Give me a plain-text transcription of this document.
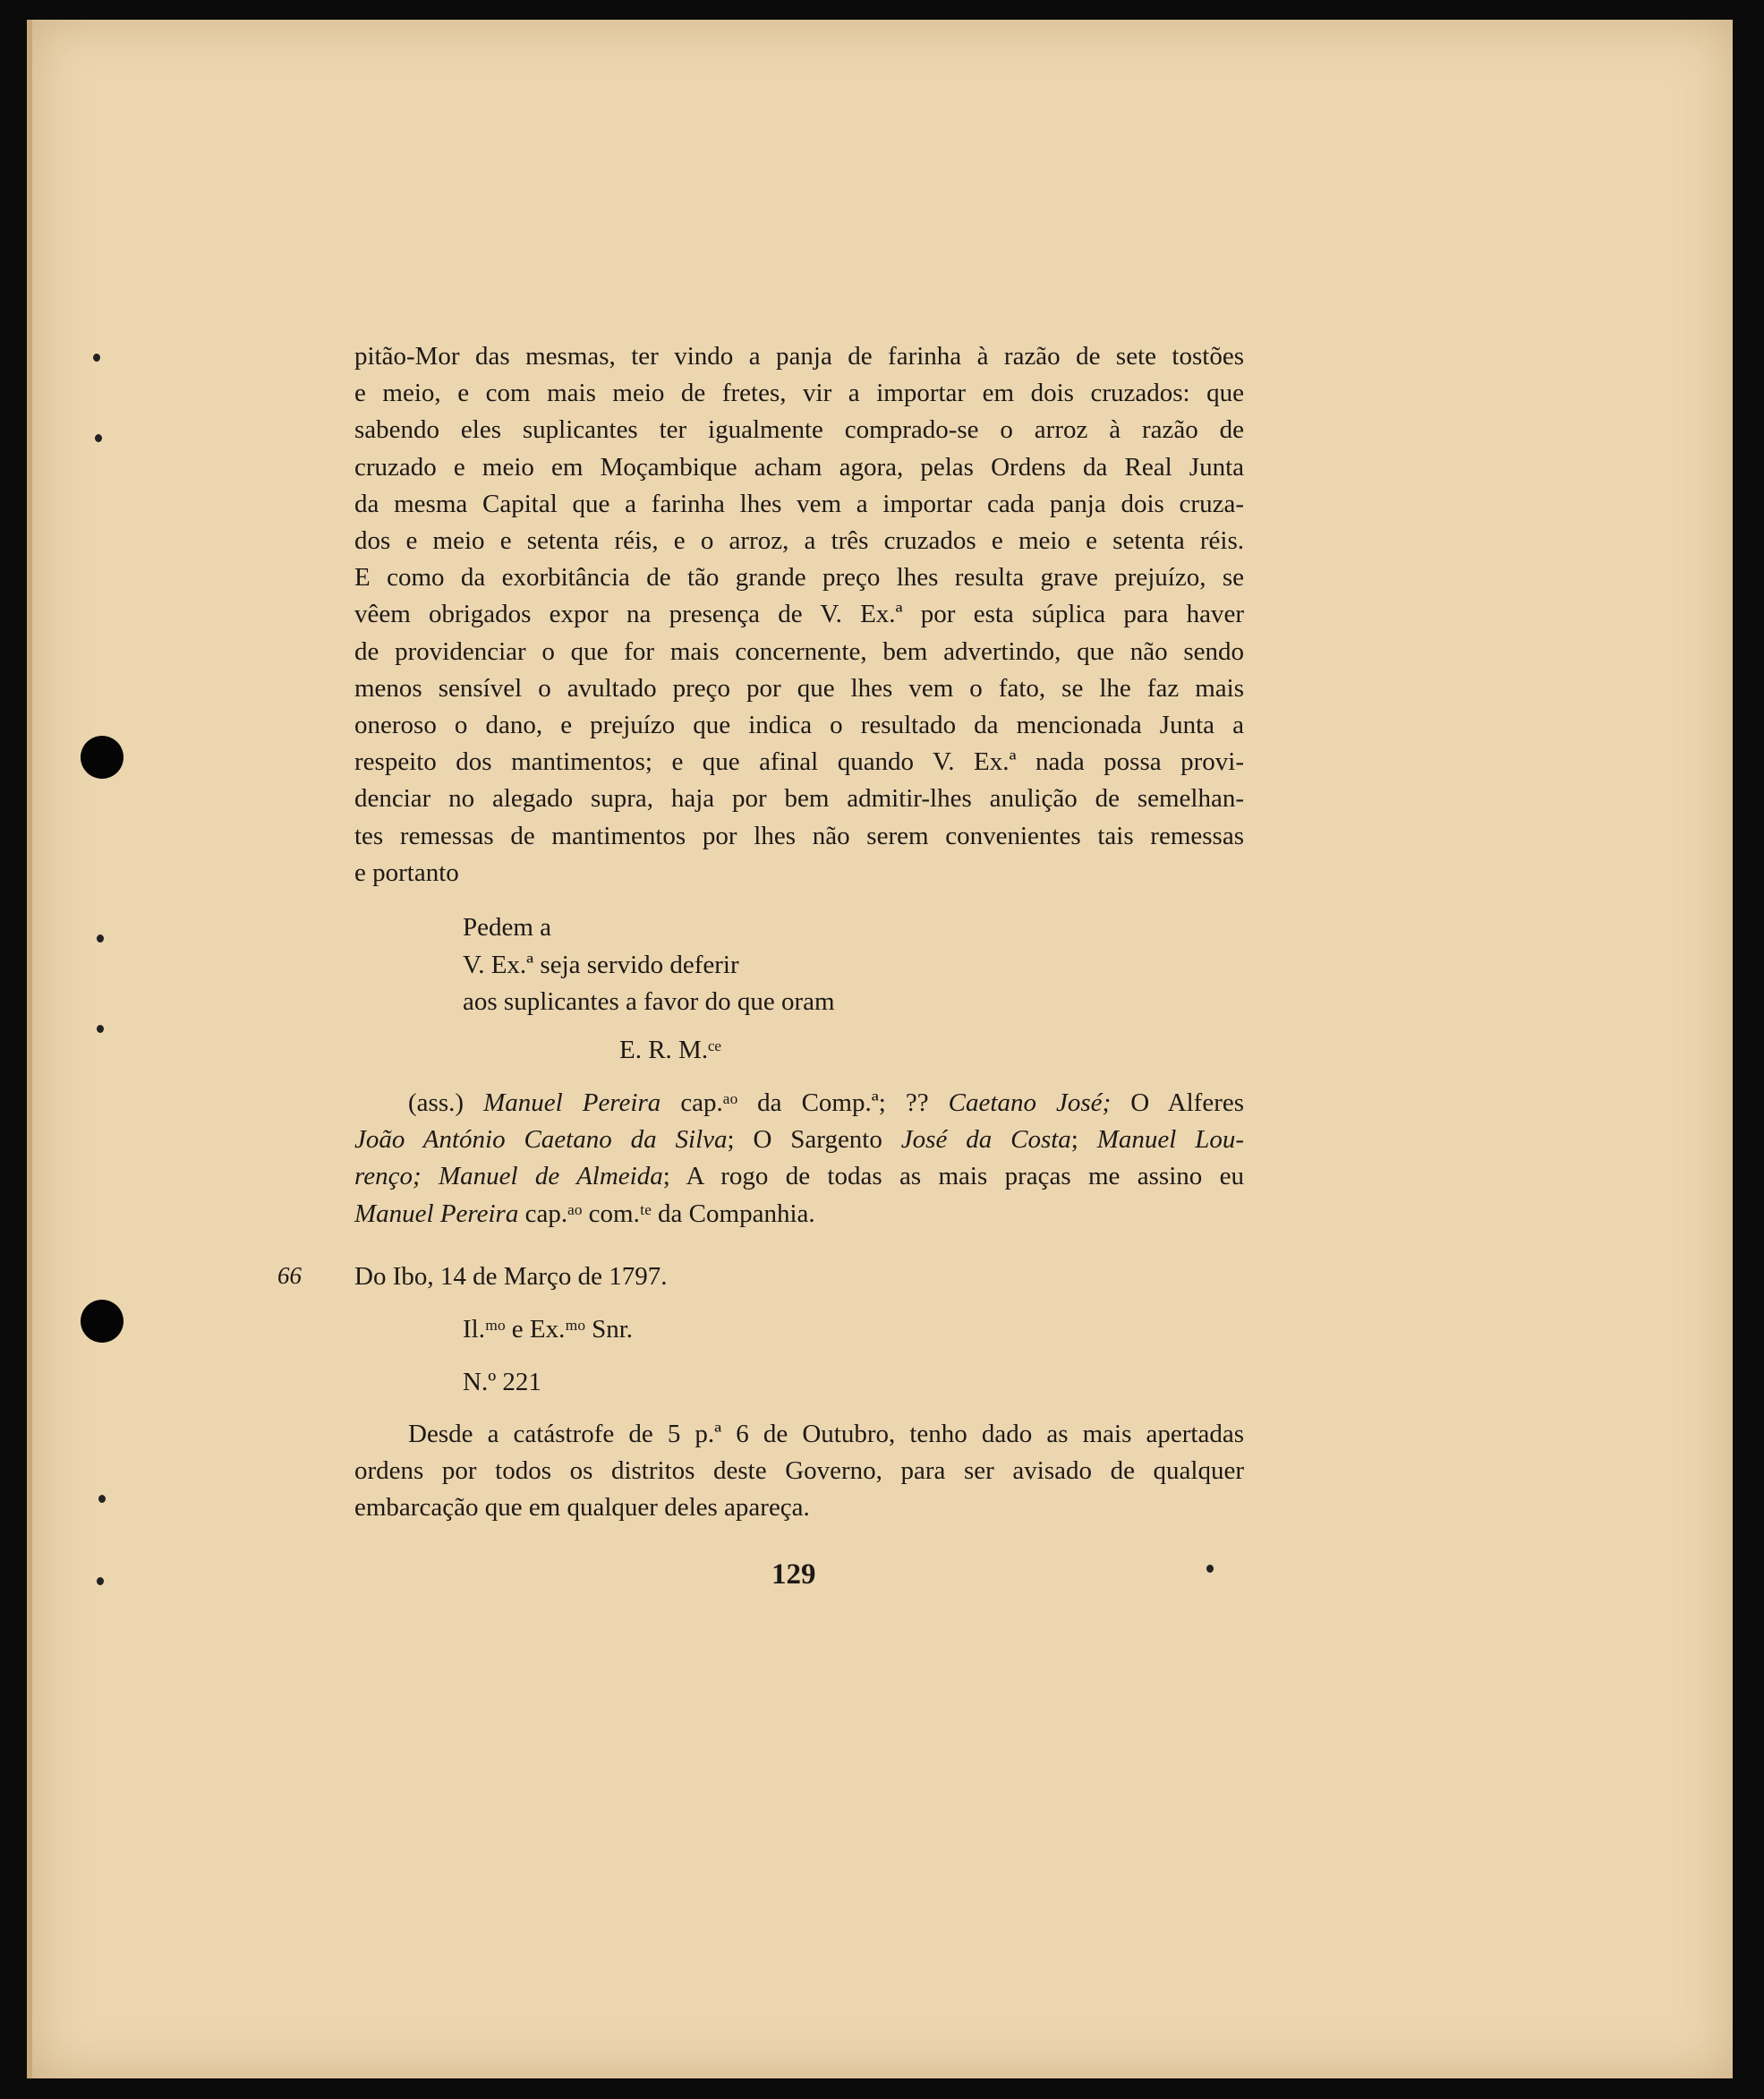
pitão-Mor das mesmas, ter vindo a panja de farinha à razão de sete tostões
e meio, e com mais meio de fretes, vir a importar em dois cruzados: que
sabendo eles suplicantes ter igualmente comprado-se o arroz à razão de
cruzado e meio em Moçambique acham agora, pelas Ordens da Real Junta
da mesma Capital que a farinha lhes vem a importar cada panja dois cruza-
dos e meio e setenta réis, e o arroz, a três cruzados e meio e setenta réis.
E como da exorbitância de tão grande preço lhes resulta grave prejuízo, se
vêem obrigados expor na presença de V. Ex.ª por esta súplica para haver
de providenciar o que for mais concernente, bem advertindo, que não sendo
menos sensível o avultado preço por que lhes vem o fato, se lhe faz mais
oneroso o dano, e prejuízo que indica o resultado da mencionada Junta a
respeito dos mantimentos; e que afinal quando V. Ex.ª nada possa provi-
denciar no alegado supra, haja por bem admitir-lhes anulição de semelhan-
tes remessas de mantimentos por lhes não serem convenientes tais remessas
e portanto
Pedem a
V. Ex.ª seja servido deferir
aos suplicantes a favor do que oram
E. R. M.ᶜᵉ
(ass.) Manuel Pereira cap.ᵃᵒ da Comp.ª; ?? Caetano José; O Alferes
João António Caetano da Silva; O Sargento José da Costa; Manuel Lou-
renço; Manuel de Almeida; A rogo de todas as mais praças me assino eu
Manuel Pereira cap.ᵃᵒ com.ᵗᵉ da Companhia.
66 Do Ibo, 14 de Março de 1797.
Il.ᵐᵒ e Ex.ᵐᵒ Snr.
N.º 221
Desde a catástrofe de 5 p.ª 6 de Outubro, tenho dado as mais apertadas
ordens por todos os distritos deste Governo, para ser avisado de qualquer
embarcação que em qualquer deles apareça.
129
